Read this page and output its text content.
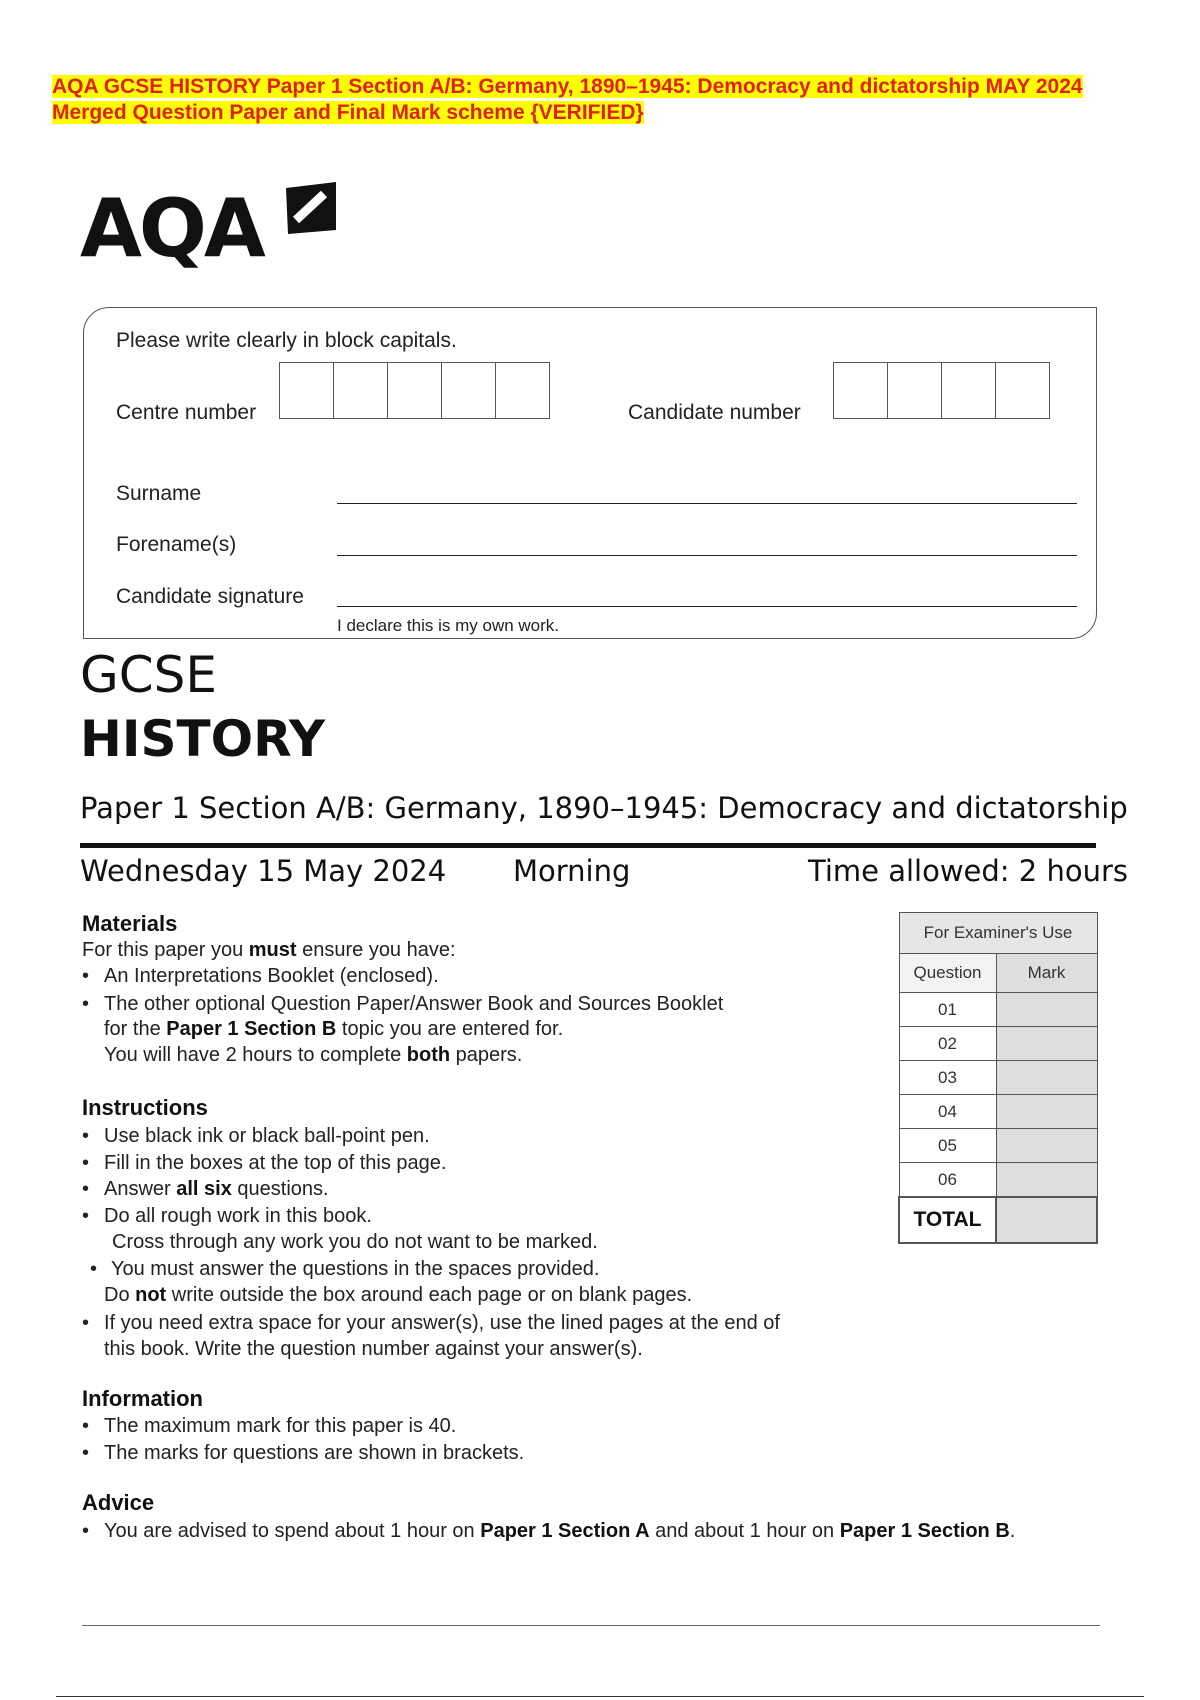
AQA GCSE HISTORY Paper 1 Section A/B: Germany, 1890–1945: Democracy and dictatorship MAY 2024
Merged Question Paper and Final Mark scheme {VERIFIED}
AQA
Please write clearly in block capitals.
Centre number	Candidate number
Surname
Forename(s)
Candidate signature
I declare this is my own work.
GCSE
HISTORY
Paper 1 Section A/B: Germany, 1890–1945: Democracy and dictatorship
Wednesday 15 May 2024 Morning	Time allowed: 2 hours
Materials
For this paper you must ensure you have:
• An Interpretations Booklet (enclosed).
• The other optional Question Paper/Answer Book and Sources Booklet
for the Paper 1 Section B topic you are entered for.
You will have 2 hours to complete both papers.
Instructions
• Use black ink or black ball-point pen.
• Fill in the boxes at the top of this page.
• Answer all six questions.
• Do all rough work in this book.
Cross through any work you do not want to be marked.
• You must answer the questions in the spaces provided.
Do not write outside the box around each page or on blank pages.
• If you need extra space for your answer(s), use the lined pages at the end of
this book. Write the question number against your answer(s).
Information
• The maximum mark for this paper is 40.
• The marks for questions are shown in brackets.
Advice
• You are advised to spend about 1 hour on Paper 1 Section A and about 1 hour on Paper 1 Section B.
For Examiner's Use	
Question	Mark
01	
02	
03	
04	
05	
06	
TOTAL	
